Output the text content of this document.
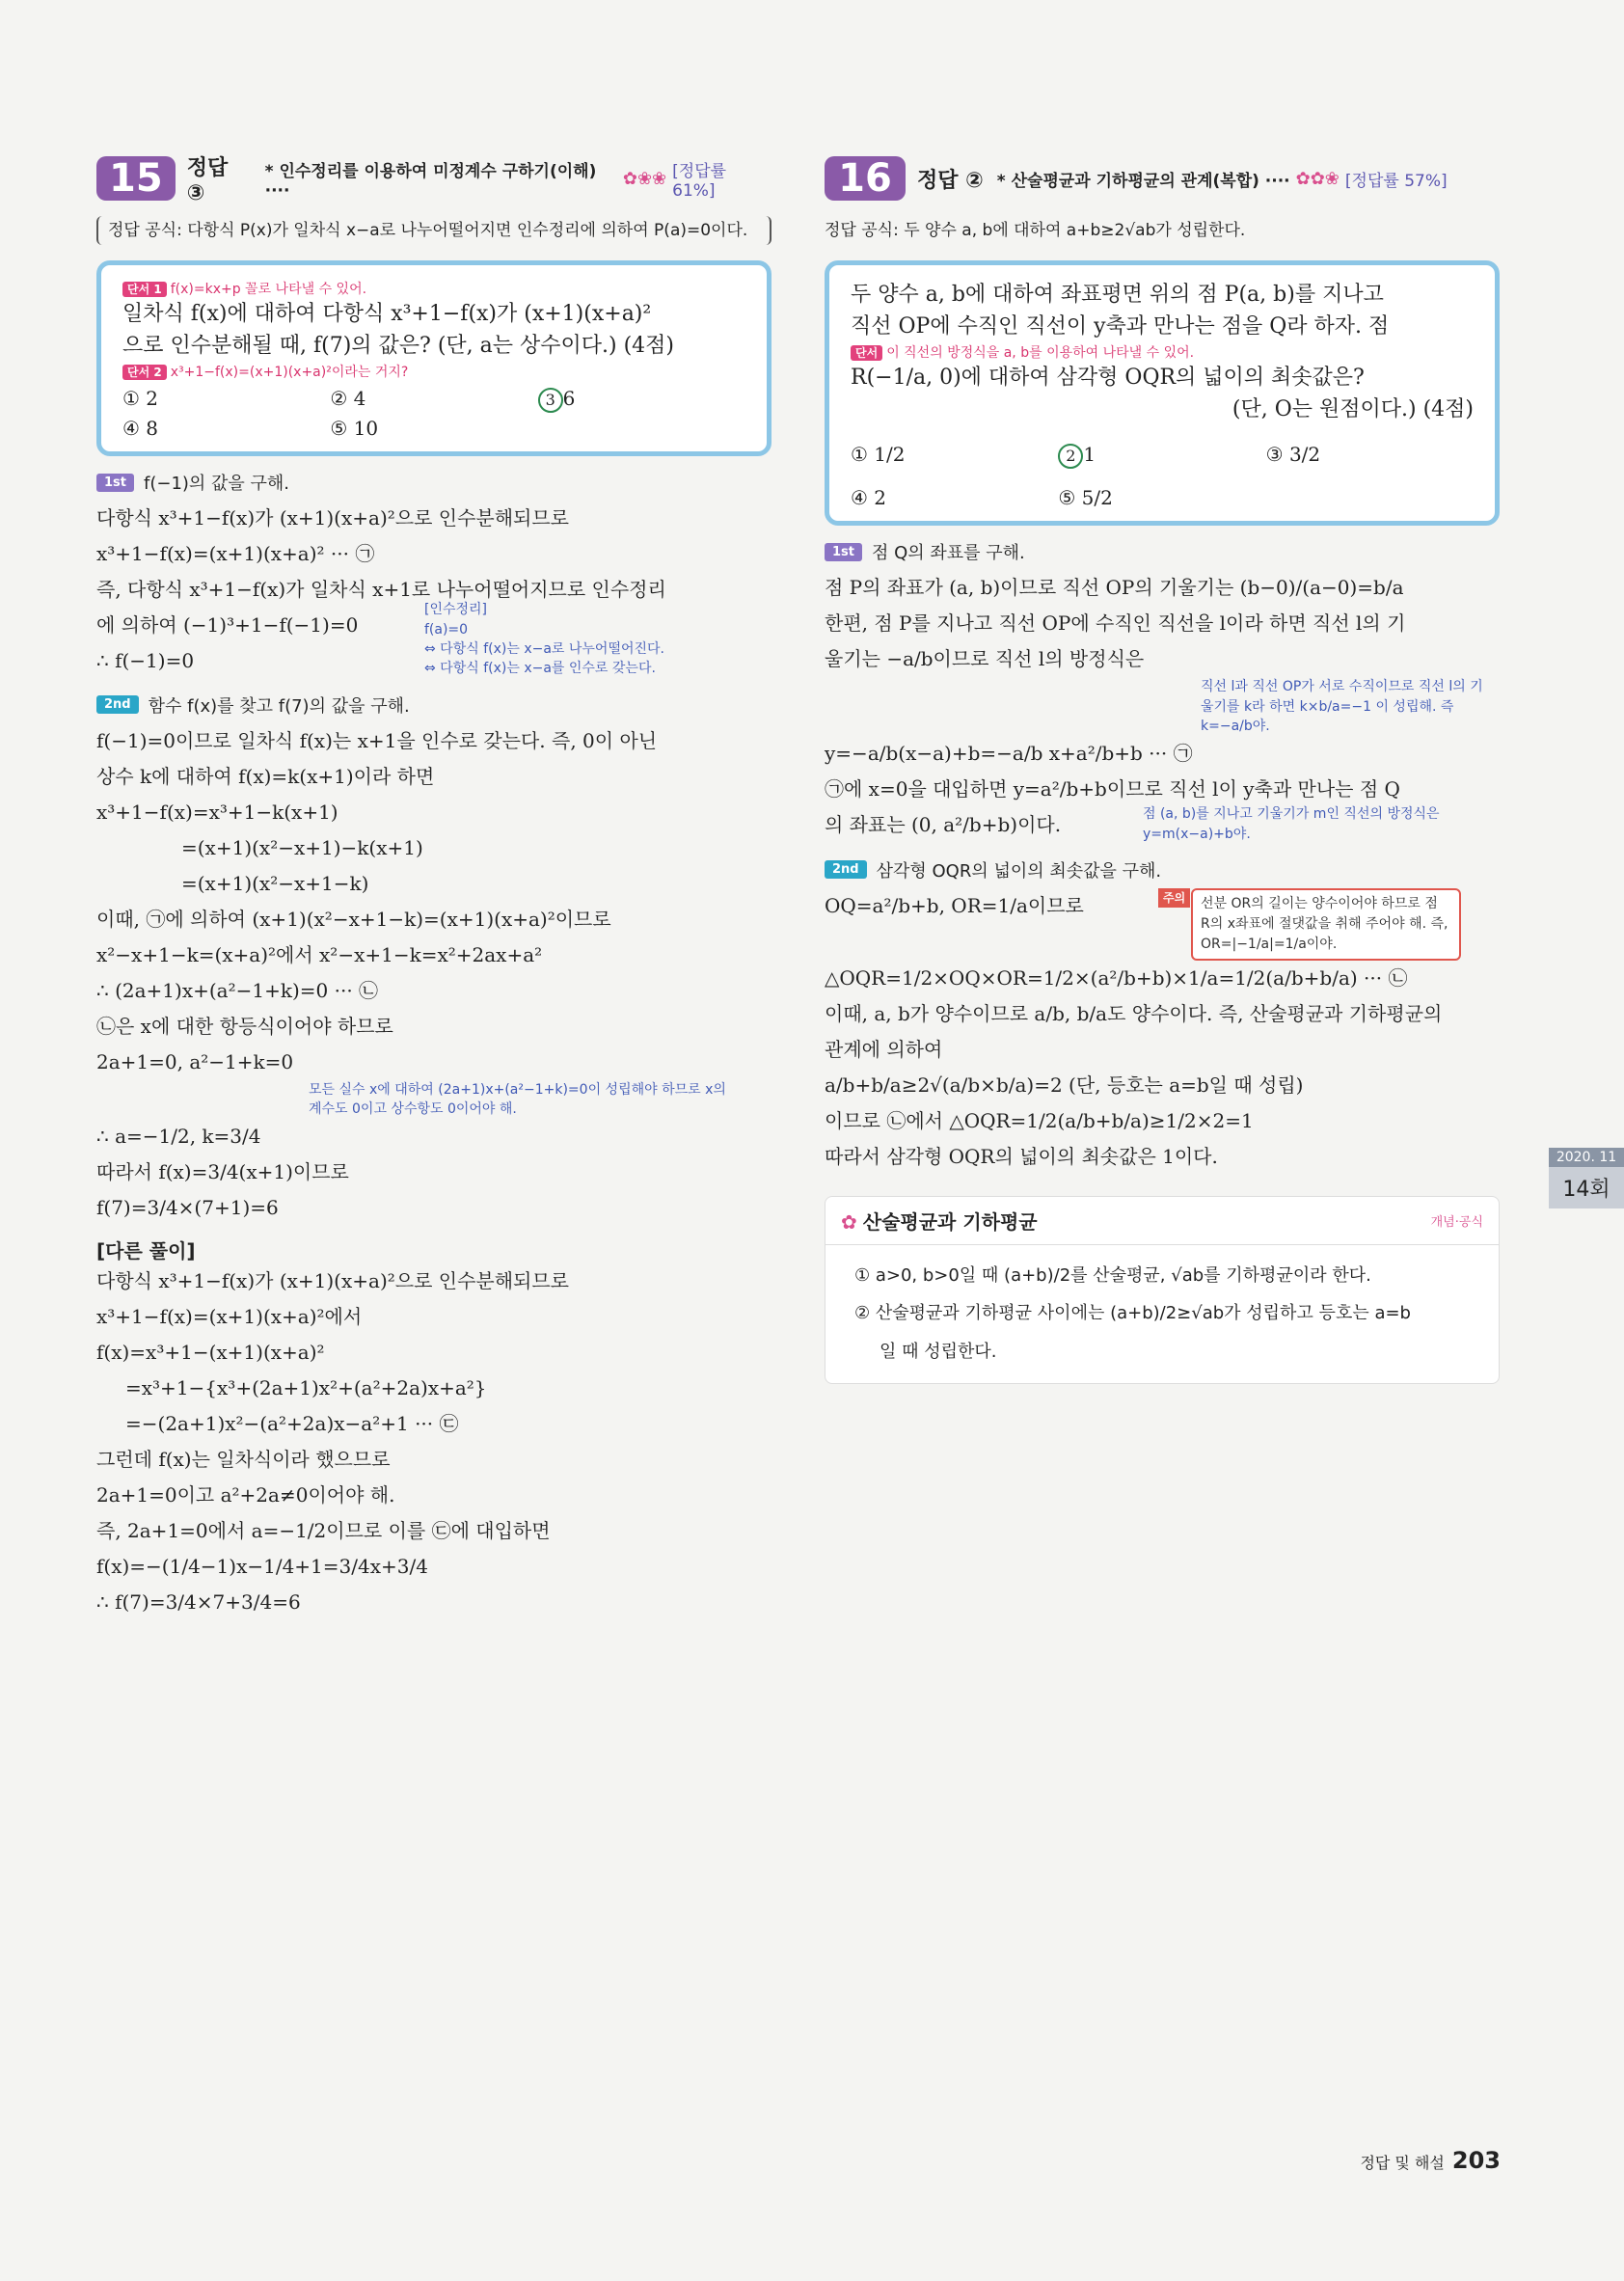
15	정답 ③
* 인수정리를 이용하여 미정계수 구하기(이해) ····
✿❀❀ [정답률 61%]
정답 공식: 다항식 P(x)가 일차식 x−a로 나누어떨어지면 인수정리에 의하여 P(a)=0이다.
단서 1 f(x)=kx+p 꼴로 나타낼 수 있어.
일차식 f(x)에 대하여 다항식 x³+1−f(x)가 (x+1)(x+a)²
으로 인수분해될 때, f(7)의 값은? (단, a는 상수이다.) (4점)
단서 2 x³+1−f(x)=(x+1)(x+a)²이라는 거지?
① 2	② 4	3 6
④ 8	⑤ 10
1st	f(−1)의 값을 구해.

다항식 x³+1−f(x)가 (x+1)(x+a)²으로 인수분해되므로

x³+1−f(x)=(x+1)(x+a)² ··· ㉠

즉, 다항식 x³+1−f(x)가 일차식 x+1로 나누어떨어지므로 인수정리

에 의하여 (−1)³+1−f(−1)=0

∴ f(−1)=0

[인수정리]
f(a)=0
⇔ 다항식 f(x)는 x−a로 나누어떨어진다.
⇔ 다항식 f(x)는 x−a를 인수로 갖는다.
2nd	함수 f(x)를 찾고 f(7)의 값을 구해.

f(−1)=0이므로 일차식 f(x)는 x+1을 인수로 갖는다. 즉, 0이 아닌

상수 k에 대하여 f(x)=k(x+1)이라 하면

x³+1−f(x)=x³+1−k(x+1)

=(x+1)(x²−x+1)−k(x+1)

=(x+1)(x²−x+1−k)

이때, ㉠에 의하여 (x+1)(x²−x+1−k)=(x+1)(x+a)²이므로

x²−x+1−k=(x+a)²에서 x²−x+1−k=x²+2ax+a²

∴ (2a+1)x+(a²−1+k)=0 ··· ㉡

㉡은 x에 대한 항등식이어야 하므로

2a+1=0, a²−1+k=0

모든 실수 x에 대하여 (2a+1)x+(a²−1+k)=0이 성립해야 하므로 x의 계수도 0이고 상수항도 0이어야 해.

∴ a=−1/2, k=3/4

따라서 f(x)=3/4(x+1)이므로

f(7)=3/4×(7+1)=6

[다른 풀이]

다항식 x³+1−f(x)가 (x+1)(x+a)²으로 인수분해되므로

x³+1−f(x)=(x+1)(x+a)²에서

f(x)=x³+1−(x+1)(x+a)²

=x³+1−{x³+(2a+1)x²+(a²+2a)x+a²}

=−(2a+1)x²−(a²+2a)x−a²+1 ··· ㉢

그런데 f(x)는 일차식이라 했으므로

2a+1=0이고 a²+2a≠0이어야 해.

즉, 2a+1=0에서 a=−1/2이므로 이를 ㉢에 대입하면

f(x)=−(1/4−1)x−1/4+1=3/4x+3/4

∴ f(7)=3/4×7+3/4=6

16	정답 ② * 산술평균과 기하평균의 관계(복합) ···· ✿✿❀ [정답률 57%]
정답 공식: 두 양수 a, b에 대하여 a+b≥2√ab가 성립한다.
두 양수 a, b에 대하여 좌표평면 위의 점 P(a, b)를 지나고
직선 OP에 수직인 직선이 y축과 만나는 점을 Q라 하자. 점
단서 이 직선의 방정식을 a, b를 이용하여 나타낼 수 있어.
R(−1/a, 0)에 대하여 삼각형 OQR의 넓이의 최솟값은?
(단, O는 원점이다.) (4점)
① 1/2	2 1	③ 3/2
④ 2	⑤ 5/2
1st	점 Q의 좌표를 구해.

점 P의 좌표가 (a, b)이므로 직선 OP의 기울기는 (b−0)/(a−0)=b/a

한편, 점 P를 지나고 직선 OP에 수직인 직선을 l이라 하면 직선 l의 기

울기는 −a/b이므로 직선 l의 방정식은

직선 l과 직선 OP가 서로 수직이므로 직선 l의 기울기를 k라 하면 k×b/a=−1 이 성립해. 즉 k=−a/b야.

y=−a/b(x−a)+b=−a/b x+a²/b+b ··· ㉠

㉠에 x=0을 대입하면 y=a²/b+b이므로 직선 l이 y축과 만나는 점 Q

의 좌표는 (0, a²/b+b)이다.	점 (a, b)를 지나고 기울기가 m인 직선의 방정식은 y=m(x−a)+b야.
2nd	삼각형 OQR의 넓이의 최솟값을 구해.
OQ=a²/b+b, OR=1/a이므로	주의	선분 OR의 길이는 양수이어야 하므로 점 R의 x좌표에 절댓값을 취해 주어야 해. 즉, OR=|−1/a|=1/a이야.

△OQR=1/2×OQ×OR=1/2×(a²/b+b)×1/a=1/2(a/b+b/a) ··· ㉡

이때, a, b가 양수이므로 a/b, b/a도 양수이다. 즉, 산술평균과 기하평균의

관계에 의하여

a/b+b/a≥2√(a/b×b/a)=2 (단, 등호는 a=b일 때 성립)

이므로 ㉡에서 △OQR=1/2(a/b+b/a)≥1/2×2=1

따라서 삼각형 OQR의 넓이의 최솟값은 1이다.

✿ 산술평균과 기하평균	개념·공식
① a>0, b>0일 때 (a+b)/2를 산술평균, √ab를 기하평균이라 한다.
② 산술평균과 기하평균 사이에는 (a+b)/2≥√ab가 성립하고 등호는 a=b
일 때 성립한다.
2020. 11
14회
정답 및 해설 203
